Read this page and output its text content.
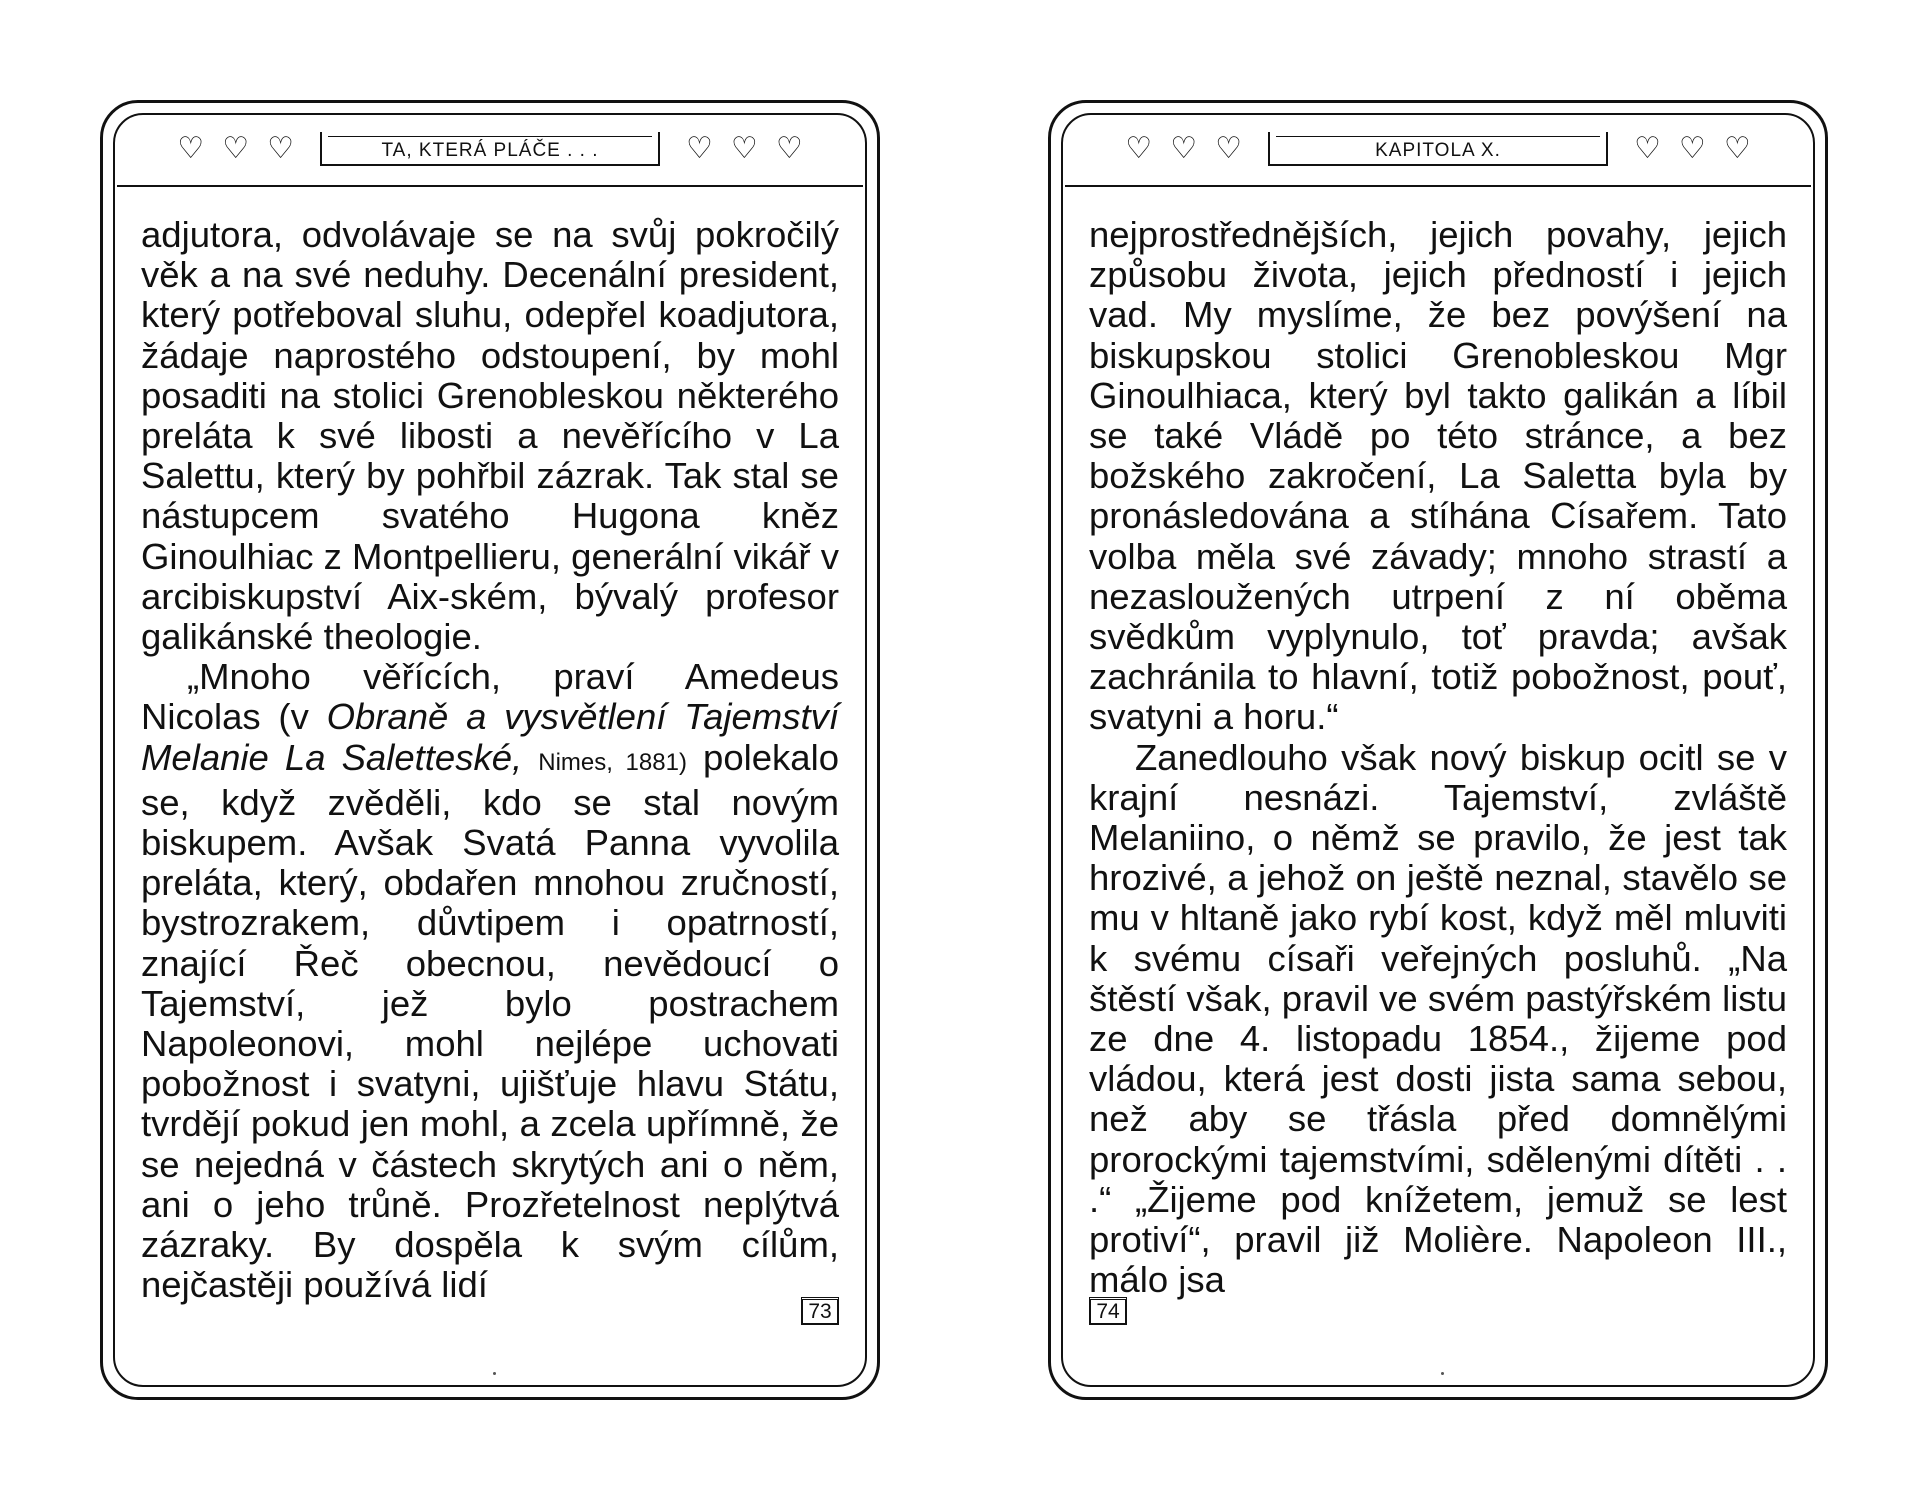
♡ ♡ ♡	TA, KTERÁ PLÁČE . . .	♡ ♡ ♡

adjutora, odvolávaje se na svůj pokročilý věk a na své neduhy. Decenální president, který potřeboval sluhu, odepřel koadjutora, žádaje naprostého odstoupení, by mohl posaditi na stolici Grenobleskou některého preláta k své libosti a nevěřícího v La Salettu, který by pohřbil zázrak. Tak stal se nástupcem svatého Hugona kněz Ginoulhiac z Montpellieru, generální vikář v arcibiskupství Aix-ském, bývalý profesor galikánské theologie.

„Mnoho věřících, praví Amedeus Nicolas (v Obraně a vysvětlení Tajemství Melanie La Saletteské, Nimes, 1881) polekalo se, když zvěděli, kdo se stal novým biskupem. Avšak Svatá Panna vyvolila preláta, který, obdařen mnohou zručností, bystrozrakem, důvtipem i opatrností, znající Řeč obecnou, nevědoucí o Tajemství, jež bylo postrachem Napoleonovi, mohl nejlépe uchovati pobožnost i svatyni, ujišťuje hlavu Státu, tvrdějí pokud jen mohl, a zcela upřímně, že se nejedná v částech skrytých ani o něm, ani o jeho trůně. Prozřetelnost neplýtvá zázraky. By dospěla k svým cílům, nejčastěji používá lidí

73
♡ ♡ ♡	KAPITOLA X.	♡ ♡ ♡

nejprostřednějších, jejich povahy, jejich způsobu života, jejich předností i jejich vad. My myslíme, že bez povýšení na biskupskou stolici Grenobleskou Mgr Ginoulhiaca, který byl takto galikán a líbil se také Vládě po této stránce, a bez božského zakročení, La Saletta byla by pronásledována a stíhána Císařem. Tato volba měla své závady; mnoho strastí a nezasloužených utrpení z ní oběma svědkům vyplynulo, toť pravda; avšak zachránila to hlavní, totiž pobožnost, pouť, svatyni a horu.“

Zanedlouho však nový biskup ocitl se v krajní nesnázi. Tajemství, zvláště Melaniino, o němž se pravilo, že jest tak hrozivé, a jehož on ještě neznal, stavělo se mu v hltaně jako rybí kost, když měl mluviti k svému císaři veřejných posluhů. „Na štěstí však, pravil ve svém pastýřském listu ze dne 4. listopadu 1854., žijeme pod vládou, která jest dosti jista sama sebou, než aby se třásla před domnělými prorockými tajemstvími, sdělenými dítěti . . .“ „Žijeme pod knížetem, jemuž se lest protiví“, pravil již Molière. Napoleon III., málo jsa

74
